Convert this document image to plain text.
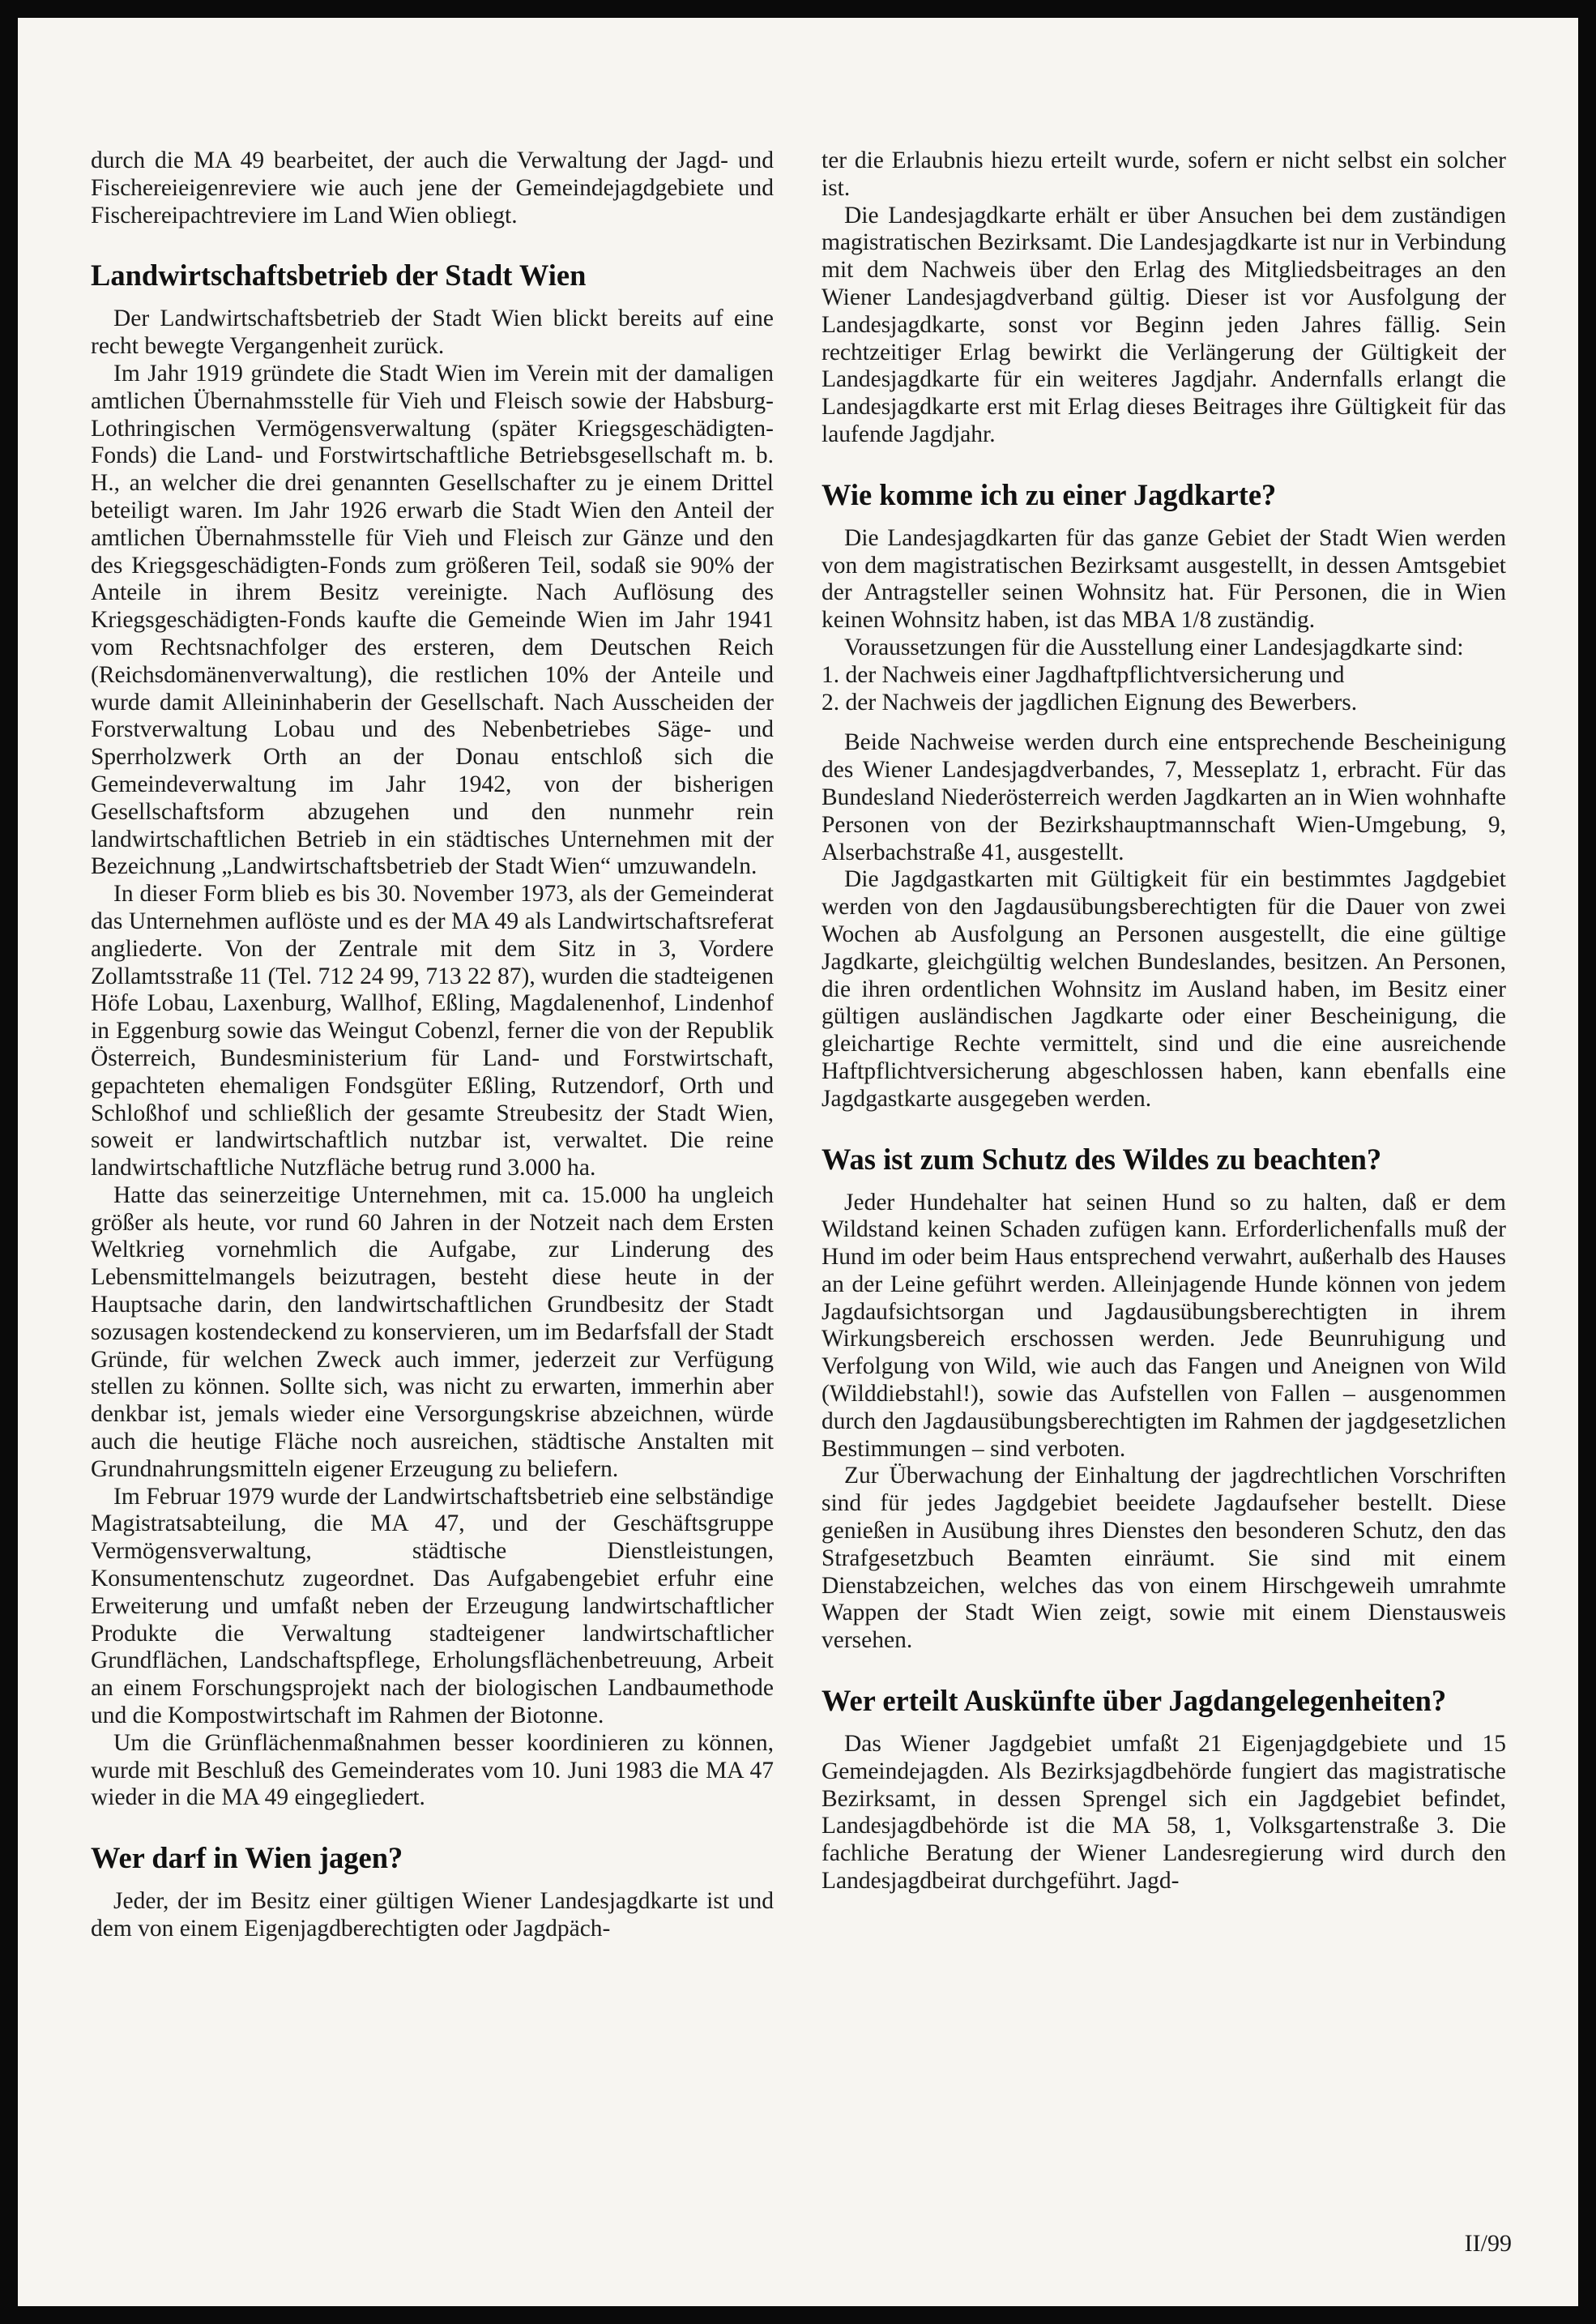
durch die MA 49 bearbeitet, der auch die Verwaltung der Jagd- und Fischereieigenreviere wie auch jene der Gemeindejagdgebiete und Fischereipachtreviere im Land Wien obliegt.

Landwirtschaftsbetrieb der Stadt Wien

Der Landwirtschaftsbetrieb der Stadt Wien blickt bereits auf eine recht bewegte Vergangenheit zurück.

Im Jahr 1919 gründete die Stadt Wien im Verein mit der damaligen amtlichen Übernahmsstelle für Vieh und Fleisch sowie der Habsburg-Lothringischen Vermögensverwaltung (später Kriegsgeschädigten-Fonds) die Land- und Forstwirtschaftliche Betriebsgesellschaft m. b. H., an welcher die drei genannten Gesellschafter zu je einem Drittel beteiligt waren. Im Jahr 1926 erwarb die Stadt Wien den Anteil der amtlichen Übernahmsstelle für Vieh und Fleisch zur Gänze und den des Kriegsgeschädigten-Fonds zum größeren Teil, sodaß sie 90% der Anteile in ihrem Besitz vereinigte. Nach Auflösung des Kriegsgeschädigten-Fonds kaufte die Gemeinde Wien im Jahr 1941 vom Rechtsnachfolger des ersteren, dem Deutschen Reich (Reichsdomänenverwaltung), die restlichen 10% der Anteile und wurde damit Alleininhaberin der Gesellschaft. Nach Ausscheiden der Forstverwaltung Lobau und des Nebenbetriebes Säge- und Sperrholzwerk Orth an der Donau entschloß sich die Gemeindeverwaltung im Jahr 1942, von der bisherigen Gesellschaftsform abzugehen und den nunmehr rein landwirtschaftlichen Betrieb in ein städtisches Unternehmen mit der Bezeichnung „Landwirtschaftsbetrieb der Stadt Wien“ umzuwandeln.

In dieser Form blieb es bis 30. November 1973, als der Gemeinderat das Unternehmen auflöste und es der MA 49 als Landwirtschaftsreferat angliederte. Von der Zentrale mit dem Sitz in 3, Vordere Zollamtsstraße 11 (Tel. 712 24 99, 713 22 87), wurden die stadteigenen Höfe Lobau, Laxenburg, Wallhof, Eßling, Magdalenenhof, Lindenhof in Eggenburg sowie das Weingut Cobenzl, ferner die von der Republik Österreich, Bundesministerium für Land- und Forstwirtschaft, gepachteten ehemaligen Fondsgüter Eßling, Rutzendorf, Orth und Schloßhof und schließlich der gesamte Streubesitz der Stadt Wien, soweit er landwirtschaftlich nutzbar ist, verwaltet. Die reine landwirtschaftliche Nutzfläche betrug rund 3.000 ha.

Hatte das seinerzeitige Unternehmen, mit ca. 15.000 ha ungleich größer als heute, vor rund 60 Jahren in der Notzeit nach dem Ersten Weltkrieg vornehmlich die Aufgabe, zur Linderung des Lebensmittelmangels beizutragen, besteht diese heute in der Hauptsache darin, den landwirtschaftlichen Grundbesitz der Stadt sozusagen kostendeckend zu konservieren, um im Bedarfsfall der Stadt Gründe, für welchen Zweck auch immer, jederzeit zur Verfügung stellen zu können. Sollte sich, was nicht zu erwarten, immerhin aber denkbar ist, jemals wieder eine Versorgungskrise abzeichnen, würde auch die heutige Fläche noch ausreichen, städtische Anstalten mit Grundnahrungsmitteln eigener Erzeugung zu beliefern.

Im Februar 1979 wurde der Landwirtschaftsbetrieb eine selbständige Magistratsabteilung, die MA 47, und der Geschäftsgruppe Vermögensverwaltung, städtische Dienstleistungen, Konsumentenschutz zugeordnet. Das Aufgabengebiet erfuhr eine Erweiterung und umfaßt neben der Erzeugung landwirtschaftlicher Produkte die Verwaltung stadteigener landwirtschaftlicher Grundflächen, Landschaftspflege, Erholungsflächenbetreuung, Arbeit an einem Forschungsprojekt nach der biologischen Landbaumethode und die Kompostwirtschaft im Rahmen der Biotonne.

Um die Grünflächenmaßnahmen besser koordinieren zu können, wurde mit Beschluß des Gemeinderates vom 10. Juni 1983 die MA 47 wieder in die MA 49 eingegliedert.

Wer darf in Wien jagen?

Jeder, der im Besitz einer gültigen Wiener Landesjagdkarte ist und dem von einem Eigenjagdberechtigten oder Jagdpäch-

ter die Erlaubnis hiezu erteilt wurde, sofern er nicht selbst ein solcher ist.

Die Landesjagdkarte erhält er über Ansuchen bei dem zuständigen magistratischen Bezirksamt. Die Landesjagdkarte ist nur in Verbindung mit dem Nachweis über den Erlag des Mitgliedsbeitrages an den Wiener Landesjagdverband gültig. Dieser ist vor Ausfolgung der Landesjagdkarte, sonst vor Beginn jeden Jahres fällig. Sein rechtzeitiger Erlag bewirkt die Verlängerung der Gültigkeit der Landesjagdkarte für ein weiteres Jagdjahr. Andernfalls erlangt die Landesjagdkarte erst mit Erlag dieses Beitrages ihre Gültigkeit für das laufende Jagdjahr.

Wie komme ich zu einer Jagdkarte?

Die Landesjagdkarten für das ganze Gebiet der Stadt Wien werden von dem magistratischen Bezirksamt ausgestellt, in dessen Amtsgebiet der Antragsteller seinen Wohnsitz hat. Für Personen, die in Wien keinen Wohnsitz haben, ist das MBA 1/8 zuständig.

Voraussetzungen für die Ausstellung einer Landesjagdkarte sind:

1. der Nachweis einer Jagdhaftpflichtversicherung und

2. der Nachweis der jagdlichen Eignung des Bewerbers.

Beide Nachweise werden durch eine entsprechende Bescheinigung des Wiener Landesjagdverbandes, 7, Messeplatz 1, erbracht. Für das Bundesland Niederösterreich werden Jagdkarten an in Wien wohnhafte Personen von der Bezirkshauptmannschaft Wien-Umgebung, 9, Alserbachstraße 41, ausgestellt.

Die Jagdgastkarten mit Gültigkeit für ein bestimmtes Jagdgebiet werden von den Jagdausübungsberechtigten für die Dauer von zwei Wochen ab Ausfolgung an Personen ausgestellt, die eine gültige Jagdkarte, gleichgültig welchen Bundeslandes, besitzen. An Personen, die ihren ordentlichen Wohnsitz im Ausland haben, im Besitz einer gültigen ausländischen Jagdkarte oder einer Bescheinigung, die gleichartige Rechte vermittelt, sind und die eine ausreichende Haftpflichtversicherung abgeschlossen haben, kann ebenfalls eine Jagdgastkarte ausgegeben werden.

Was ist zum Schutz des Wildes zu beachten?

Jeder Hundehalter hat seinen Hund so zu halten, daß er dem Wildstand keinen Schaden zufügen kann. Erforderlichenfalls muß der Hund im oder beim Haus entsprechend verwahrt, außerhalb des Hauses an der Leine geführt werden. Alleinjagende Hunde können von jedem Jagdaufsichtsorgan und Jagdausübungsberechtigten in ihrem Wirkungsbereich erschossen werden. Jede Beunruhigung und Verfolgung von Wild, wie auch das Fangen und Aneignen von Wild (Wilddiebstahl!), sowie das Aufstellen von Fallen – ausgenommen durch den Jagdausübungsberechtigten im Rahmen der jagdgesetzlichen Bestimmungen – sind verboten.

Zur Überwachung der Einhaltung der jagdrechtlichen Vorschriften sind für jedes Jagdgebiet beeidete Jagdaufseher bestellt. Diese genießen in Ausübung ihres Dienstes den besonderen Schutz, den das Strafgesetzbuch Beamten einräumt. Sie sind mit einem Dienstabzeichen, welches das von einem Hirschgeweih umrahmte Wappen der Stadt Wien zeigt, sowie mit einem Dienstausweis versehen.

Wer erteilt Auskünfte über Jagdangelegenheiten?

Das Wiener Jagdgebiet umfaßt 21 Eigenjagdgebiete und 15 Gemeindejagden. Als Bezirksjagdbehörde fungiert das magistratische Bezirksamt, in dessen Sprengel sich ein Jagdgebiet befindet, Landesjagdbehörde ist die MA 58, 1, Volksgartenstraße 3. Die fachliche Beratung der Wiener Landesregierung wird durch den Landesjagdbeirat durchgeführt. Jagd-

II/99
